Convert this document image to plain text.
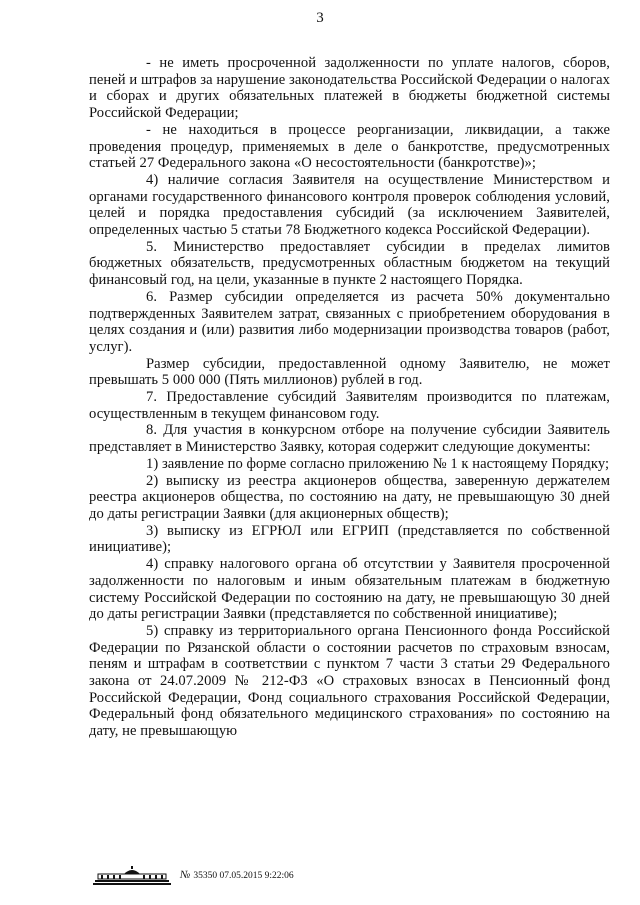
3

- не иметь просроченной задолженности по уплате налогов, сборов, пеней и штрафов за нарушение законодательства Российской Федерации о налогах и сборах и других обязательных платежей в бюджеты бюджетной системы Российской Федерации;

- не находиться в процессе реорганизации, ликвидации, а также проведения процедур, применяемых в деле о банкротстве, предусмотренных статьей 27 Федерального закона «О несостоятельности (банкротстве)»;

4) наличие согласия Заявителя на осуществление Министерством и органами государственного финансового контроля проверок соблюдения условий, целей и порядка предоставления субсидий (за исключением Заявителей, определенных частью 5 статьи 78 Бюджетного кодекса Российской Федерации).

5. Министерство предоставляет субсидии в пределах лимитов бюджетных обязательств, предусмотренных областным бюджетом на текущий финансовый год, на цели, указанные в пункте 2 настоящего Порядка.

6. Размер субсидии определяется из расчета 50% документально подтвержденных Заявителем затрат, связанных с приобретением оборудования в целях создания и (или) развития либо модернизации производства товаров (работ, услуг).

Размер субсидии, предоставленной одному Заявителю, не может превышать 5 000 000 (Пять миллионов) рублей в год.

7. Предоставление субсидий Заявителям производится по платежам, осуществленным в текущем финансовом году.

8. Для участия в конкурсном отборе на получение субсидии Заявитель представляет в Министерство Заявку, которая содержит следующие документы:

1) заявление по форме согласно приложению № 1 к настоящему Порядку;

2) выписку из реестра акционеров общества, заверенную держателем реестра акционеров общества, по состоянию на дату, не превышающую 30 дней до даты регистрации Заявки (для акционерных обществ);

3) выписку из ЕГРЮЛ или ЕГРИП (представляется по собственной инициативе);

4) справку налогового органа об отсутствии у Заявителя просроченной задолженности по налоговым и иным обязательным платежам в бюджетную систему Российской Федерации по состоянию на дату, не превышающую 30 дней до даты регистрации Заявки (представляется по собственной инициативе);

5) справку из территориального органа Пенсионного фонда Российской Федерации по Рязанской области о состоянии расчетов по страховым взносам, пеням и штрафам в соответствии с пунктом 7 части 3 статьи 29 Федерального закона от 24.07.2009 № 212-ФЗ «О страховых взносах в Пенсионный фонд Российской Федерации, Фонд социального страхования Российской Федерации, Федеральный фонд обязательного медицинского страхования» по состоянию на дату, не превышающую

№ 35350 07.05.2015 9:22:06
